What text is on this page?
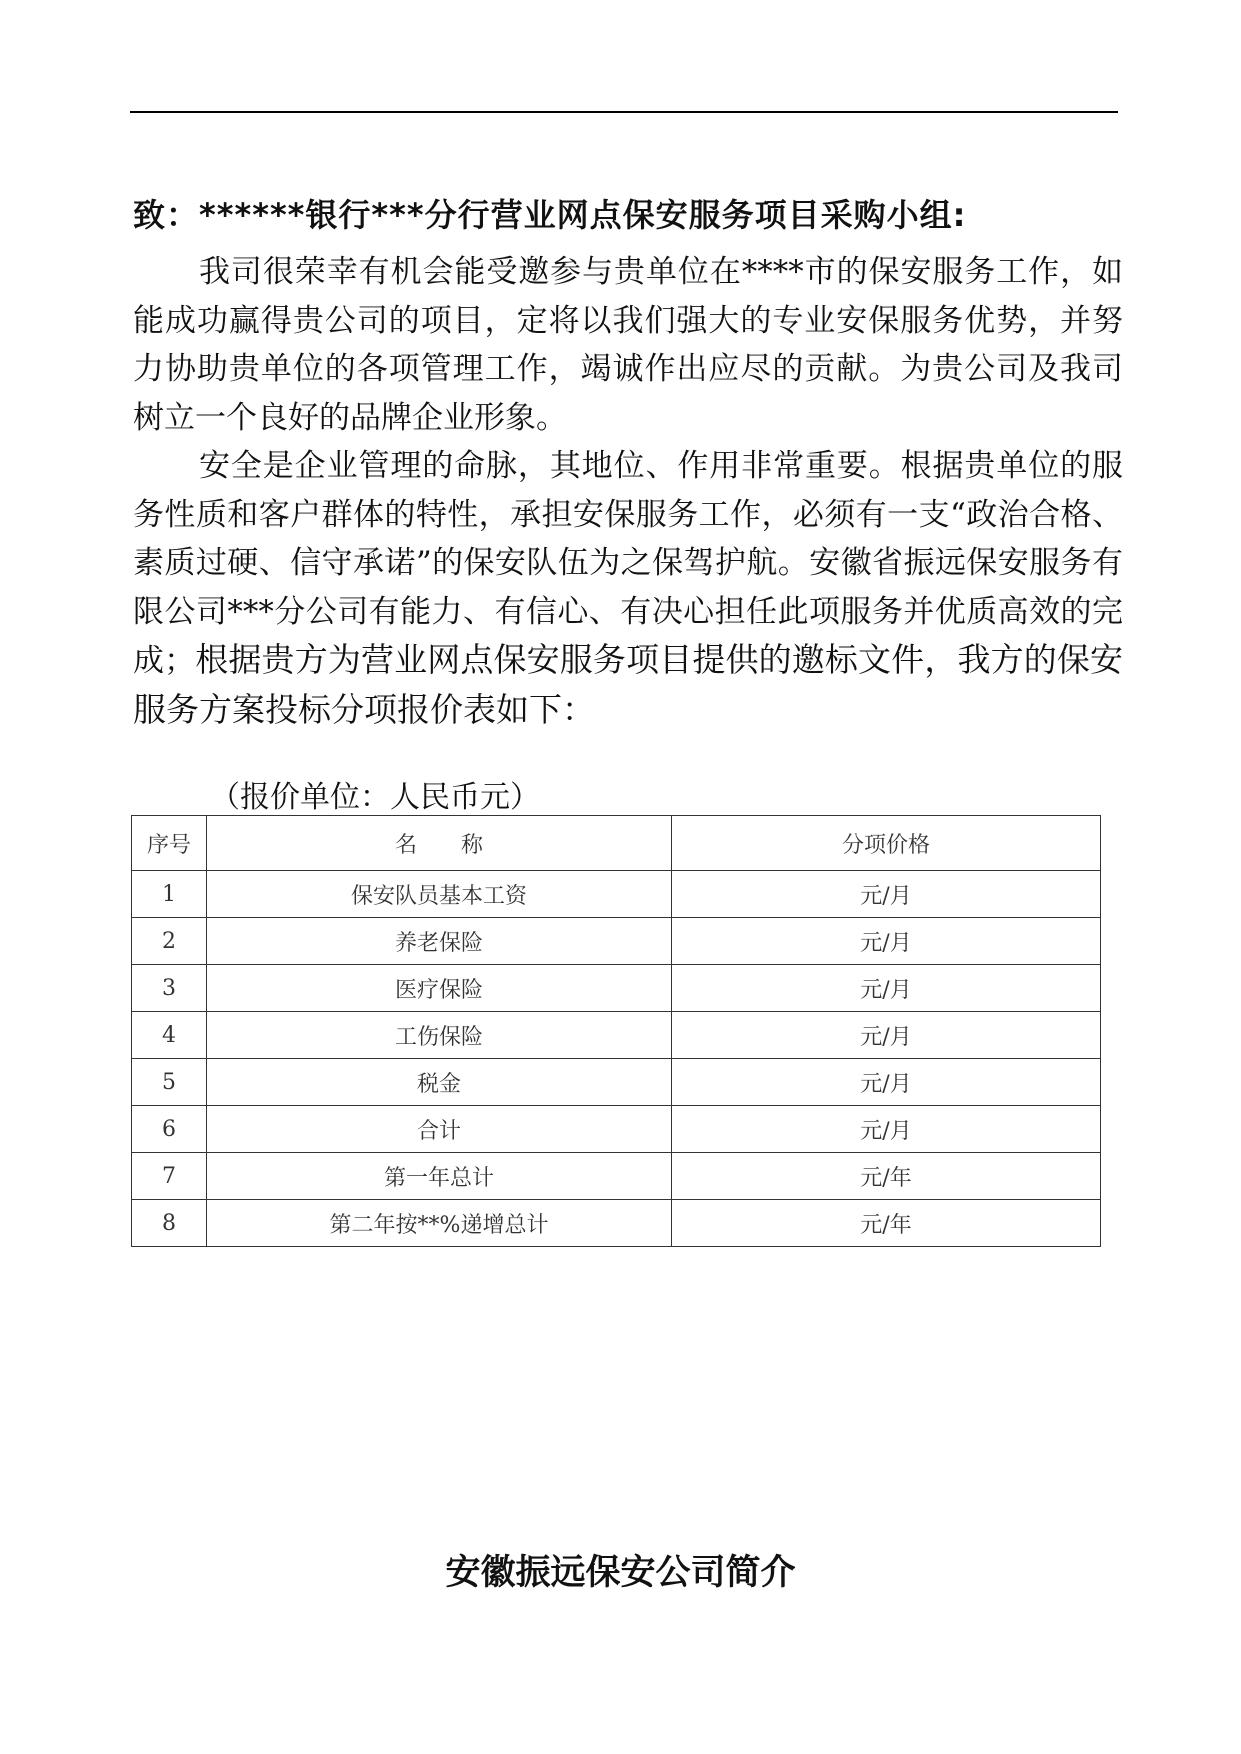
致：******银行***分行营业网点保安服务项目采购小组:

我司很荣幸有机会能受邀参与贵单位在****市的保安服务工作，如能成功赢得贵公司的项目，定将以我们强大的专业安保服务优势，并努力协助贵单位的各项管理工作，竭诚作出应尽的贡献。为贵公司及我司树立一个良好的品牌企业形象。

安全是企业管理的命脉，其地位、作用非常重要。根据贵单位的服务性质和客户群体的特性，承担安保服务工作，必须有一支“政治合格、素质过硬、信守承诺”的保安队伍为之保驾护航。安徽省振远保安服务有限公司***分公司有能力、有信心、有决心担任此项服务并优质高效的完成；根据贵方为营业网点保安服务项目提供的邀标文件，我方的保安服务方案投标分项报价表如下：

（报价单位：人民币元）
序号	名　　称	分项价格
1	保安队员基本工资	元/月
2	养老保险	元/月
3	医疗保险	元/月
4	工伤保险	元/月
5	税金	元/月
6	合计	元/月
7	第一年总计	元/年
8	第二年按**%递增总计	元/年
安徽振远保安公司简介
